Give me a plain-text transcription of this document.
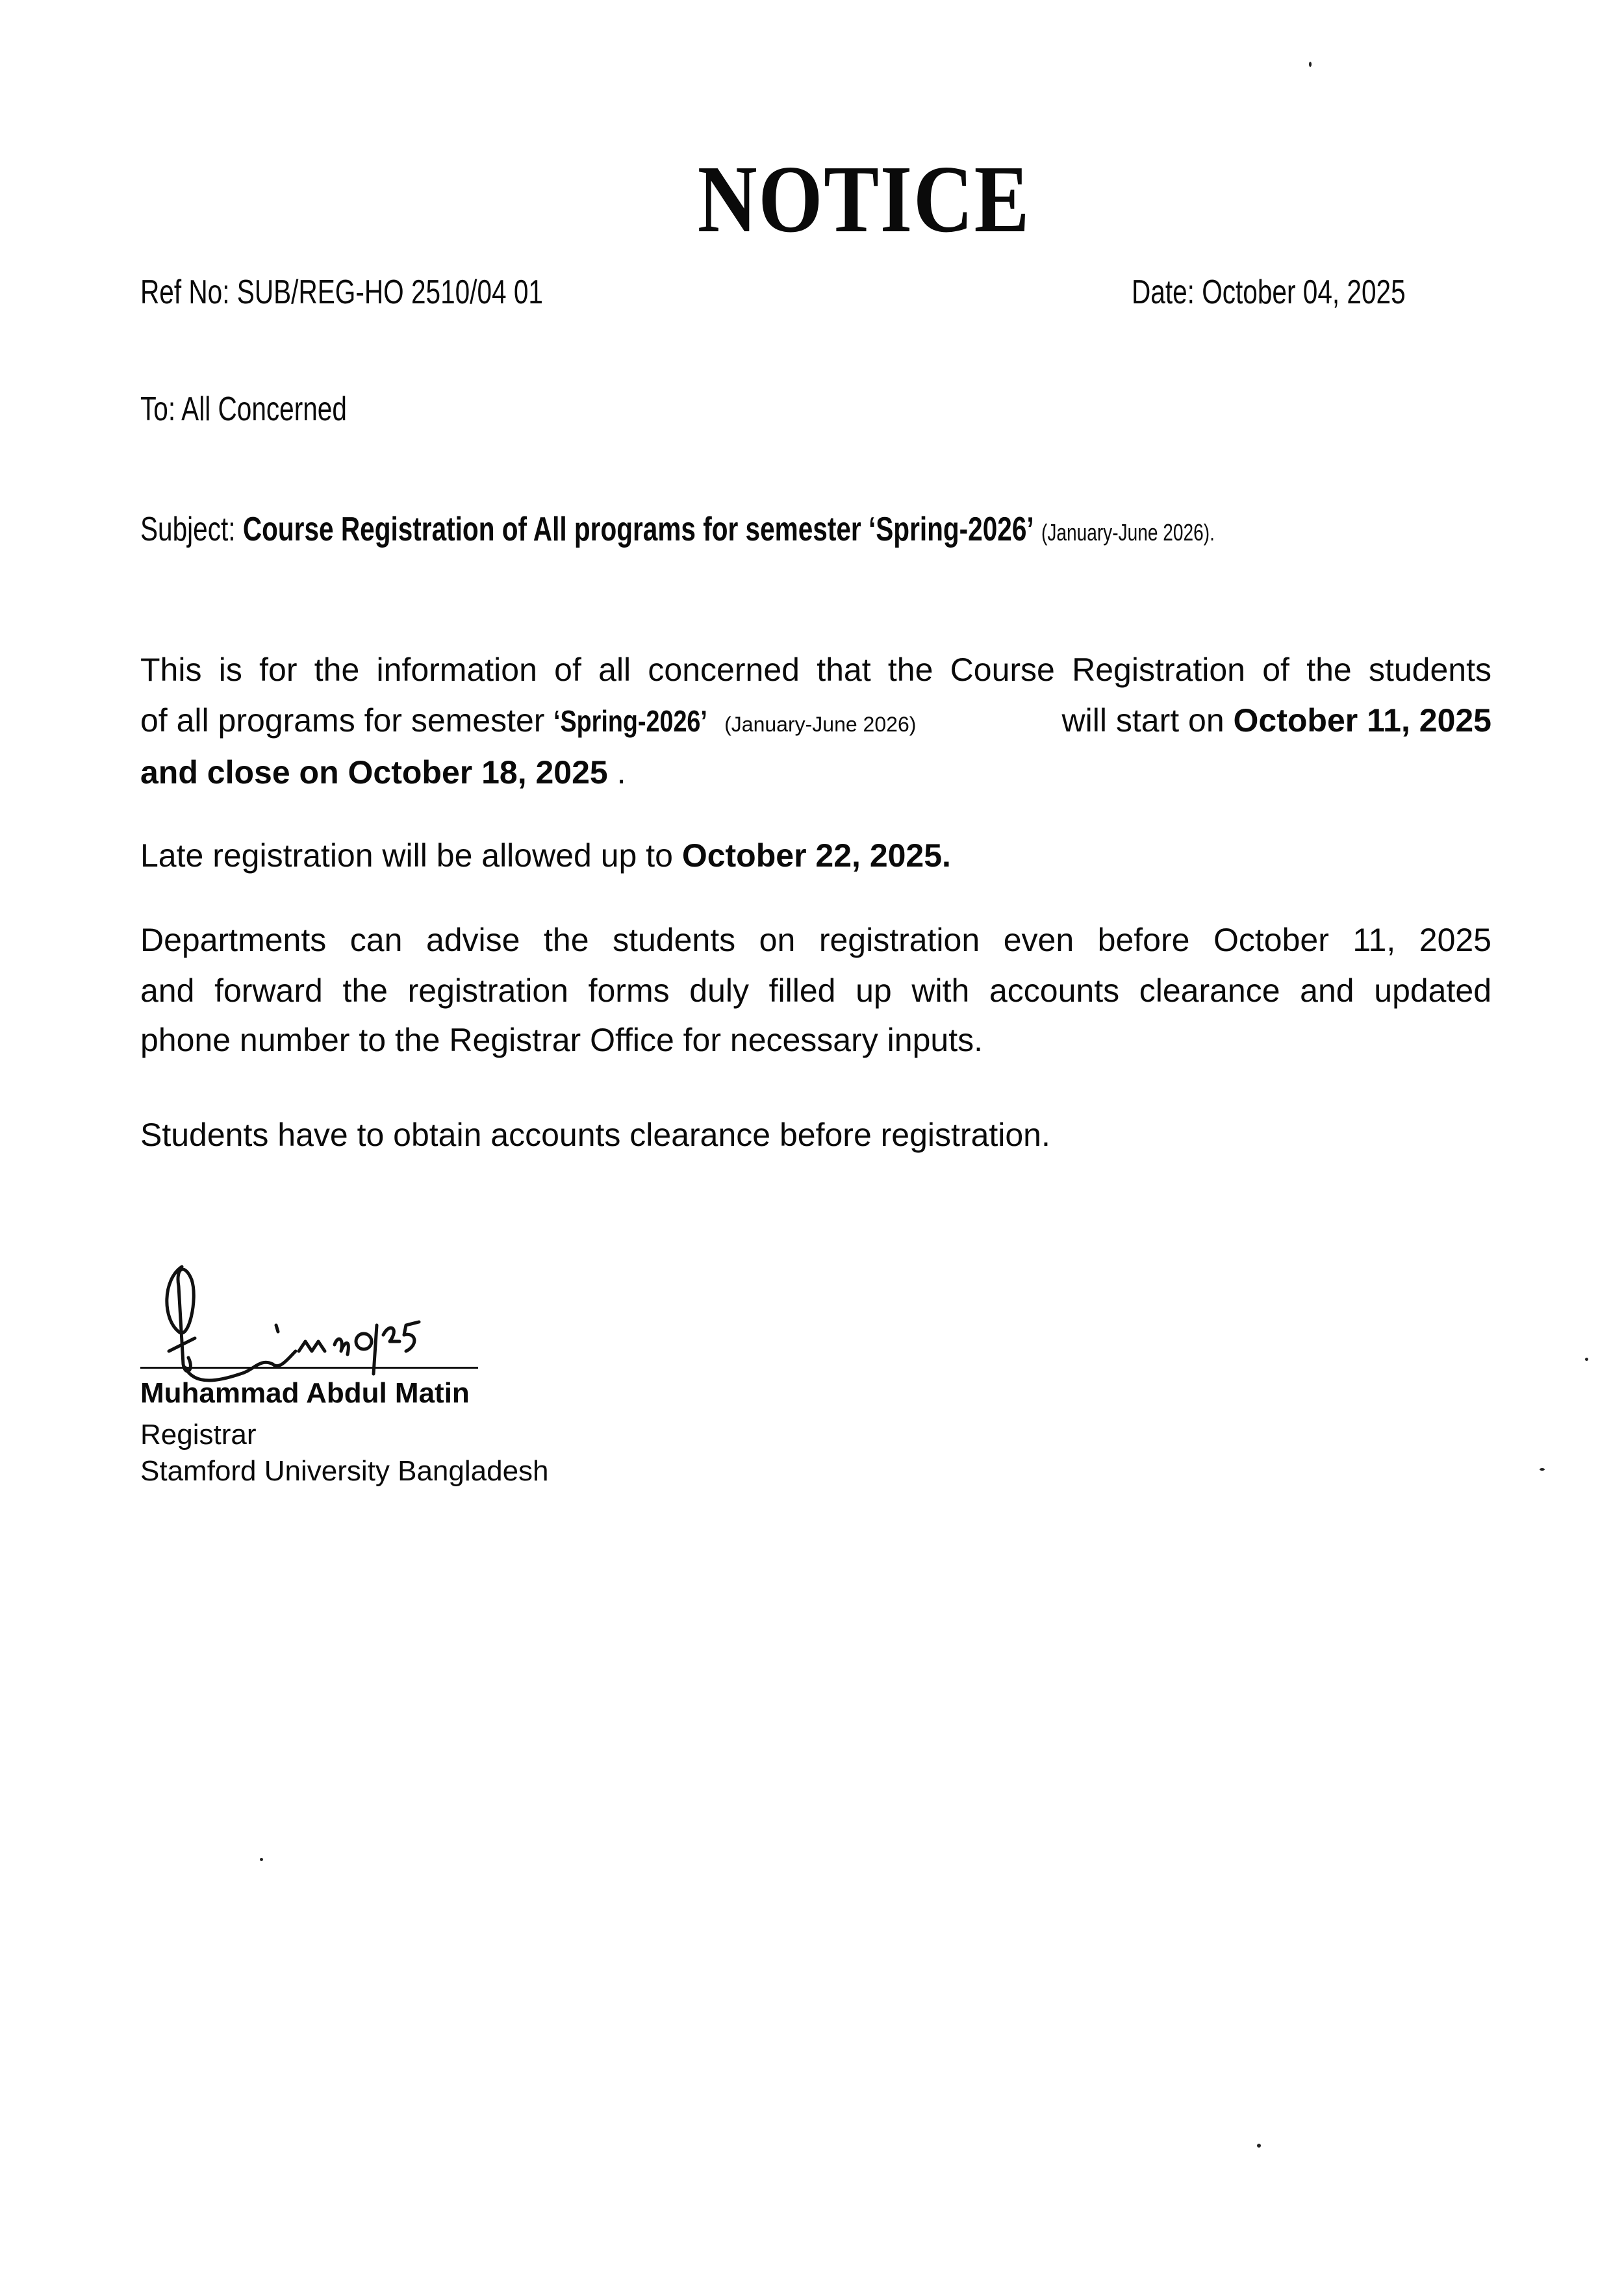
NOTICE
Ref No: SUB/REG-HO 2510/04 01	Date: October 04, 2025
To: All Concerned
Subject: Course Registration of All programs for semester ‘Spring-2026’ (January-June 2026).
This is for the information of all concerned that the Course Registration of the students
of all programs for semester ‘Spring-2026’ (January-June 2026)	will start on October 11, 2025
and close on October 18, 2025 .
Late registration will be allowed up to October 22, 2025.
Departments can advise the students on registration even before October 11, 2025
and forward the registration forms duly filled up with accounts clearance and updated
phone number to the Registrar Office for necessary inputs.
Students have to obtain accounts clearance before registration.
Muhammad Abdul Matin
Registrar
Stamford University Bangladesh
